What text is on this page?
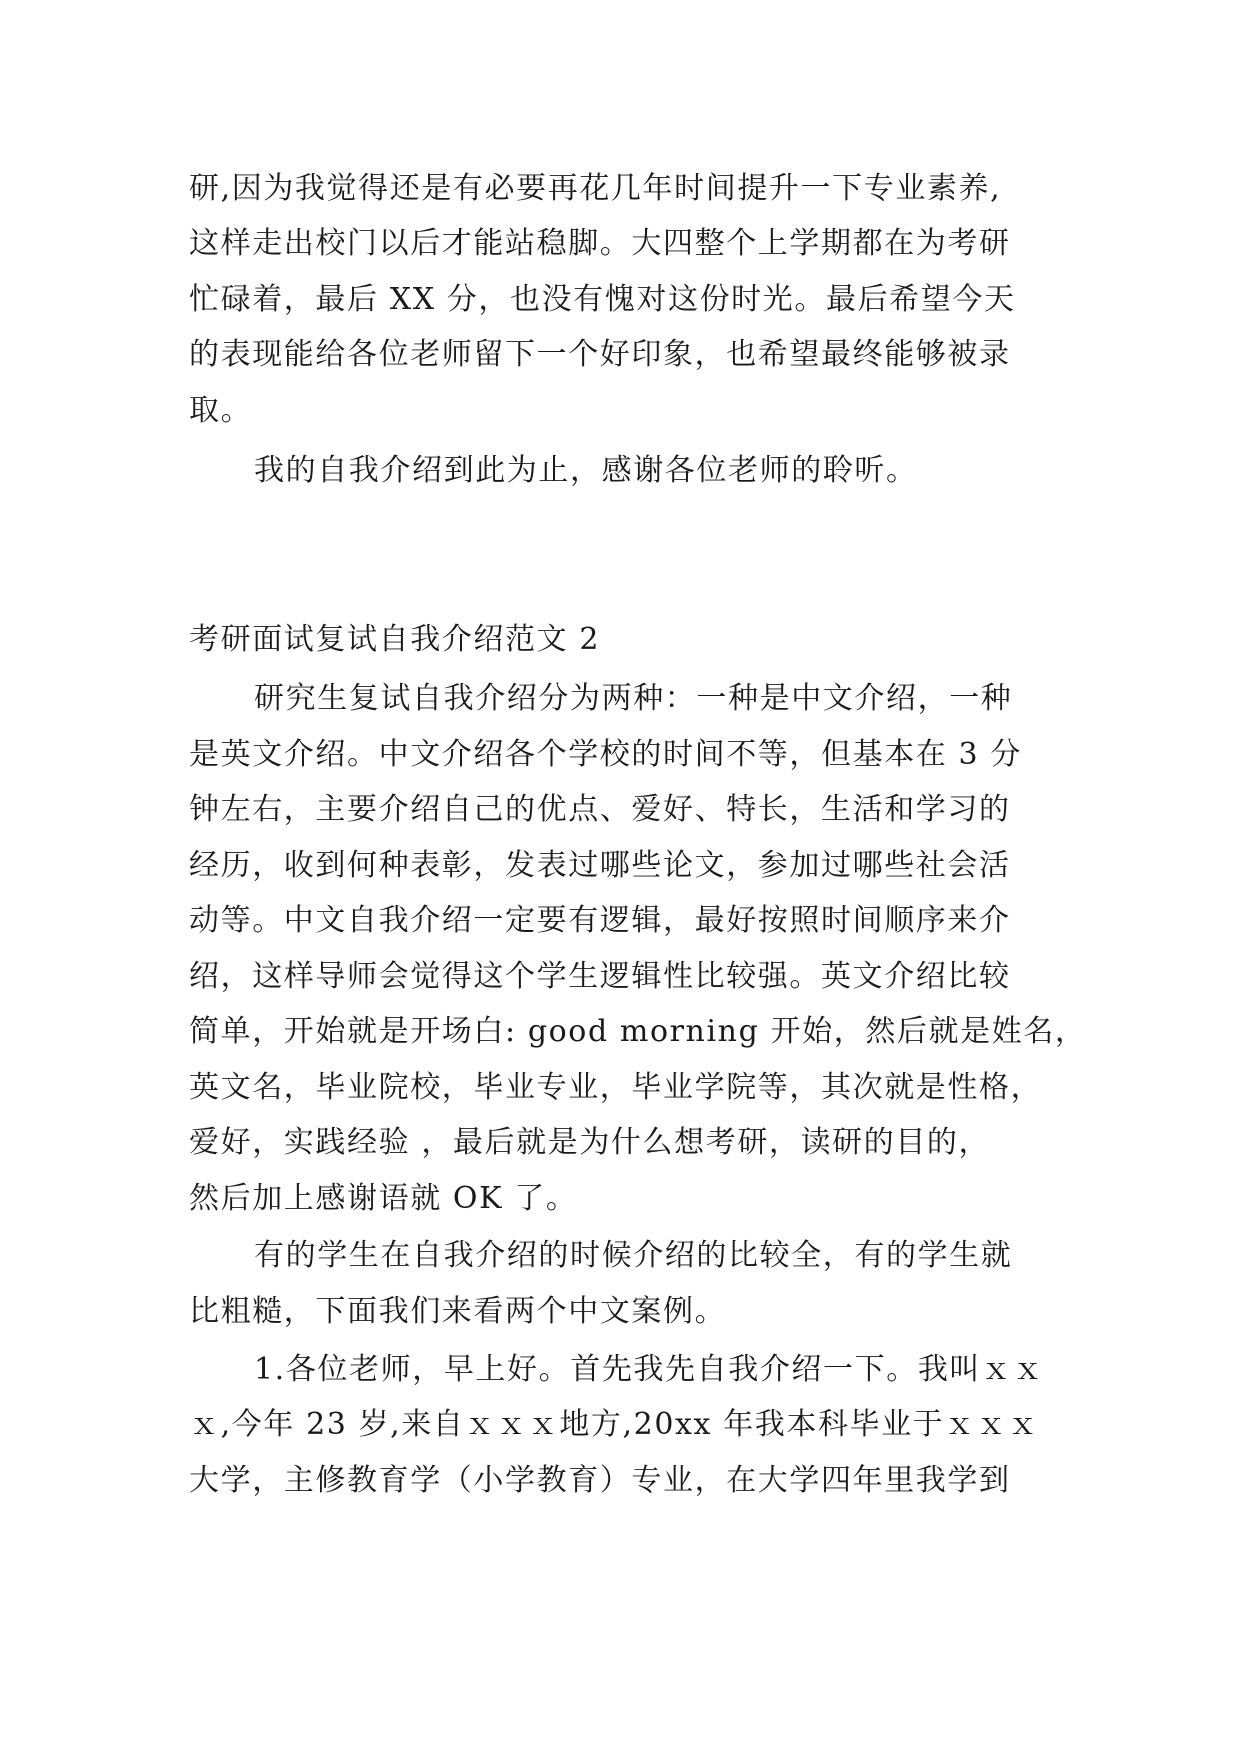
研,因为我觉得还是有必要再花几年时间提升一下专业素养,
这样走出校门以后才能站稳脚。大四整个上学期都在为考研
忙碌着，最后 XX 分，也没有愧对这份时光。最后希望今天
的表现能给各位老师留下一个好印象，也希望最终能够被录
取。
我的自我介绍到此为止，感谢各位老师的聆听。
考研面试复试自我介绍范文 2
研究生复试自我介绍分为两种：一种是中文介绍，一种
是英文介绍。中文介绍各个学校的时间不等，但基本在 3 分
钟左右，主要介绍自己的优点、爱好、特长，生活和学习的
经历，收到何种表彰，发表过哪些论文，参加过哪些社会活
动等。中文自我介绍一定要有逻辑，最好按照时间顺序来介
绍，这样导师会觉得这个学生逻辑性比较强。英文介绍比较
简单，开始就是开场白: good morning 开始，然后就是姓名，
英文名，毕业院校，毕业专业，毕业学院等，其次就是性格，
爱好，实践经验 ，最后就是为什么想考研，读研的目的，
然后加上感谢语就 OK 了。
有的学生在自我介绍的时候介绍的比较全，有的学生就
比粗糙，下面我们来看两个中文案例。
1.各位老师，早上好。首先我先自我介绍一下。我叫ｘｘ
ｘ,今年 23 岁,来自ｘｘｘ地方,20xx 年我本科毕业于ｘｘｘ
大学，主修教育学（小学教育）专业，在大学四年里我学到
